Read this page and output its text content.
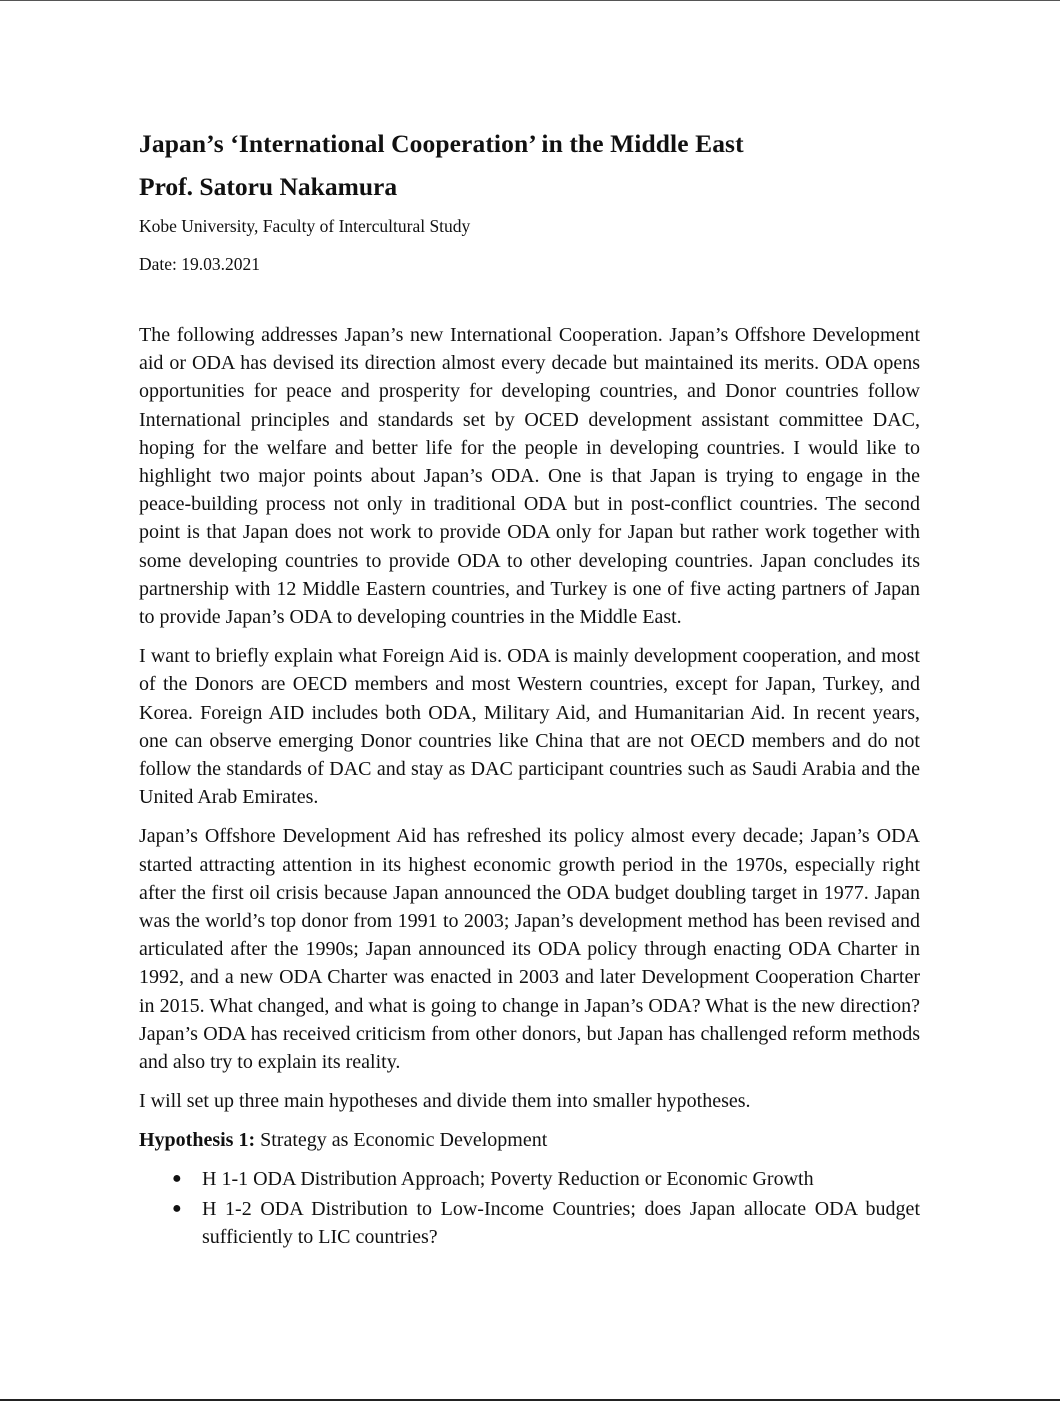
Japan’s ‘International Cooperation’ in the Middle East
Prof. Satoru Nakamura
Kobe University, Faculty of Intercultural Study
Date: 19.03.2021

The following addresses Japan’s new International Cooperation. Japan’s Offshore Development aid or ODA has devised its direction almost every decade but maintained its merits. ODA opens opportunities for peace and prosperity for developing countries, and Donor countries follow International principles and standards set by OCED development assistant committee DAC, hoping for the welfare and better life for the people in developing countries. I would like to highlight two major points about Japan’s ODA. One is that Japan is trying to engage in the peace-building process not only in traditional ODA but in post-conflict countries. The second point is that Japan does not work to provide ODA only for Japan but rather work together with some developing countries to provide ODA to other developing countries. Japan concludes its partnership with 12 Middle Eastern countries, and Turkey is one of five acting partners of Japan to provide Japan’s ODA to developing countries in the Middle East.

I want to briefly explain what Foreign Aid is. ODA is mainly development cooperation, and most of the Donors are OECD members and most Western countries, except for Japan, Turkey, and Korea. Foreign AID includes both ODA, Military Aid, and Humanitarian Aid. In recent years, one can observe emerging Donor countries like China that are not OECD members and do not follow the standards of DAC and stay as DAC participant countries such as Saudi Arabia and the United Arab Emirates.

Japan’s Offshore Development Aid has refreshed its policy almost every decade; Japan’s ODA started attracting attention in its highest economic growth period in the 1970s, especially right after the first oil crisis because Japan announced the ODA budget doubling target in 1977. Japan was the world’s top donor from 1991 to 2003; Japan’s development method has been revised and articulated after the 1990s; Japan announced its ODA policy through enacting ODA Charter in 1992, and a new ODA Charter was enacted in 2003 and later Development Cooperation Charter in 2015. What changed, and what is going to change in Japan’s ODA? What is the new direction? Japan’s ODA has received criticism from other donors, but Japan has challenged reform methods and also try to explain its reality.

I will set up three main hypotheses and divide them into smaller hypotheses.

Hypothesis 1: Strategy as Economic Development

● H 1-1 ODA Distribution Approach; Poverty Reduction or Economic Growth
● H 1-2 ODA Distribution to Low-Income Countries; does Japan allocate ODA budget sufficiently to LIC countries?
